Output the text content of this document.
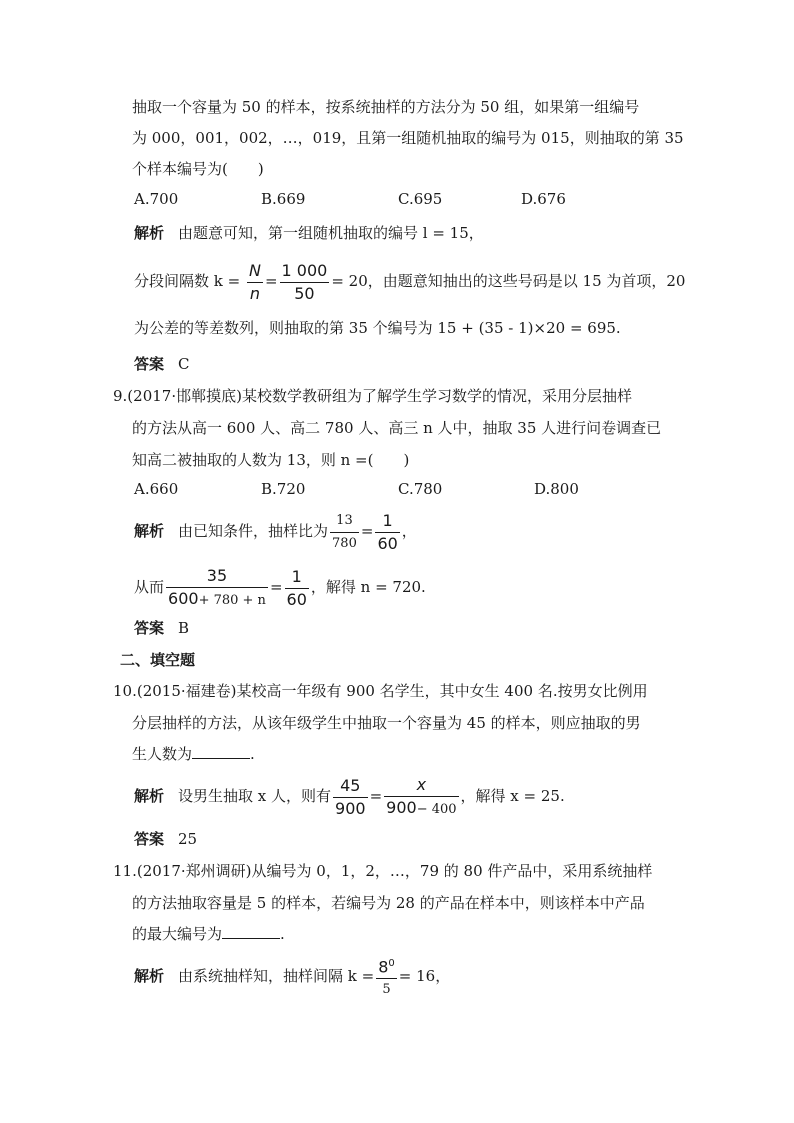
抽取一个容量为 50 的样本，按系统抽样的方法分为 50 组，如果第一组编号
为 000，001，002，…，019，且第一组随机抽取的编号为 015，则抽取的第 35
个样本编号为(　　)
A.700	B.669	C.695	D.676
解析 由题意可知，第一组随机抽取的编号 l = 15，
分段间隔数 $k = \frac{N}{n} = \frac{1 000}{50} = 20$，由题意知抽出的这些号码是以 15 为首项，20
为公差的等差数列，则抽取的第 35 个编号为 15 + (35 - 1)×20 = 695.
答案 C
9.(2017·邯郸摸底)某校数学教研组为了解学生学习数学的情况，采用分层抽样
的方法从高一 600 人、高二 780 人、高三 n 人中，抽取 35 人进行问卷调查已
知高二被抽取的人数为 13，则 n =(　　)
A.660	B.720	C.780	D.800
解析 由已知条件，抽样比为 $\frac{13}{780} = \frac{1}{60}$ ，
从而 $\frac{35}{600+ 780 + n} = \frac{1}{60}$ ，解得 n = 720.
答案 B
二、填空题
10.(2015·福建卷)某校高一年级有 900 名学生，其中女生 400 名.按男女比例用
分层抽样的方法，从该年级学生中抽取一个容量为 45 的样本，则应抽取的男
生人数为	.
解析 设男生抽取 x 人，则有 $\frac{45}{900} = \frac{x}{900- 400}$ ，解得 x = 25.
答案 25
11.(2017·郑州调研)从编号为 0，1，2，…，79 的 80 件产品中，采用系统抽样
的方法抽取容量是 5 的样本，若编号为 28 的产品在样本中，则该样本中产品
的最大编号为	.
解析 由系统抽样知，抽样间隔 $k = \frac{8^0}{5} = 16$，
